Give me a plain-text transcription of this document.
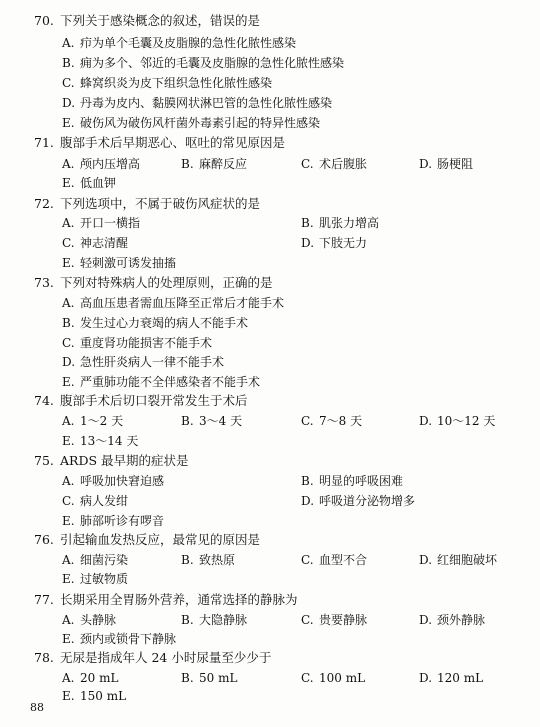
70. 下列关于感染概念的叙述，错误的是
A. 疖为单个毛囊及皮脂腺的急性化脓性感染
B. 痈为多个、邻近的毛囊及皮脂腺的急性化脓性感染
C. 蜂窝织炎为皮下组织急性化脓性感染
D. 丹毒为皮内、黏膜网状淋巴管的急性化脓性感染
E. 破伤风为破伤风杆菌外毒素引起的特异性感染
71. 腹部手术后早期恶心、呕吐的常见原因是
A. 颅内压增高	B. 麻醉反应	C. 术后腹胀	D. 肠梗阻
E. 低血钾
72. 下列选项中，不属于破伤风症状的是
A. 开口一横指	B. 肌张力增高
C. 神志清醒	D. 下肢无力
E. 轻刺激可诱发抽搐
73. 下列对特殊病人的处理原则，正确的是
A. 高血压患者需血压降至正常后才能手术
B. 发生过心力衰竭的病人不能手术
C. 重度肾功能损害不能手术
D. 急性肝炎病人一律不能手术
E. 严重肺功能不全伴感染者不能手术
74. 腹部手术后切口裂开常发生于术后
A. 1～2 天	B. 3～4 天	C. 7～8 天	D. 10～12 天
E. 13～14 天
75. ARDS 最早期的症状是
A. 呼吸加快窘迫感	B. 明显的呼吸困难
C. 病人发绀	D. 呼吸道分泌物增多
E. 肺部听诊有啰音
76. 引起输血发热反应，最常见的原因是
A. 细菌污染	B. 致热原	C. 血型不合	D. 红细胞破坏
E. 过敏物质
77. 长期采用全胃肠外营养，通常选择的静脉为
A. 头静脉	B. 大隐静脉	C. 贵要静脉	D. 颈外静脉
E. 颈内或锁骨下静脉
78. 无尿是指成年人 24 小时尿量至少少于
A. 20 mL	B. 50 mL	C. 100 mL	D. 120 mL
E. 150 mL
88
